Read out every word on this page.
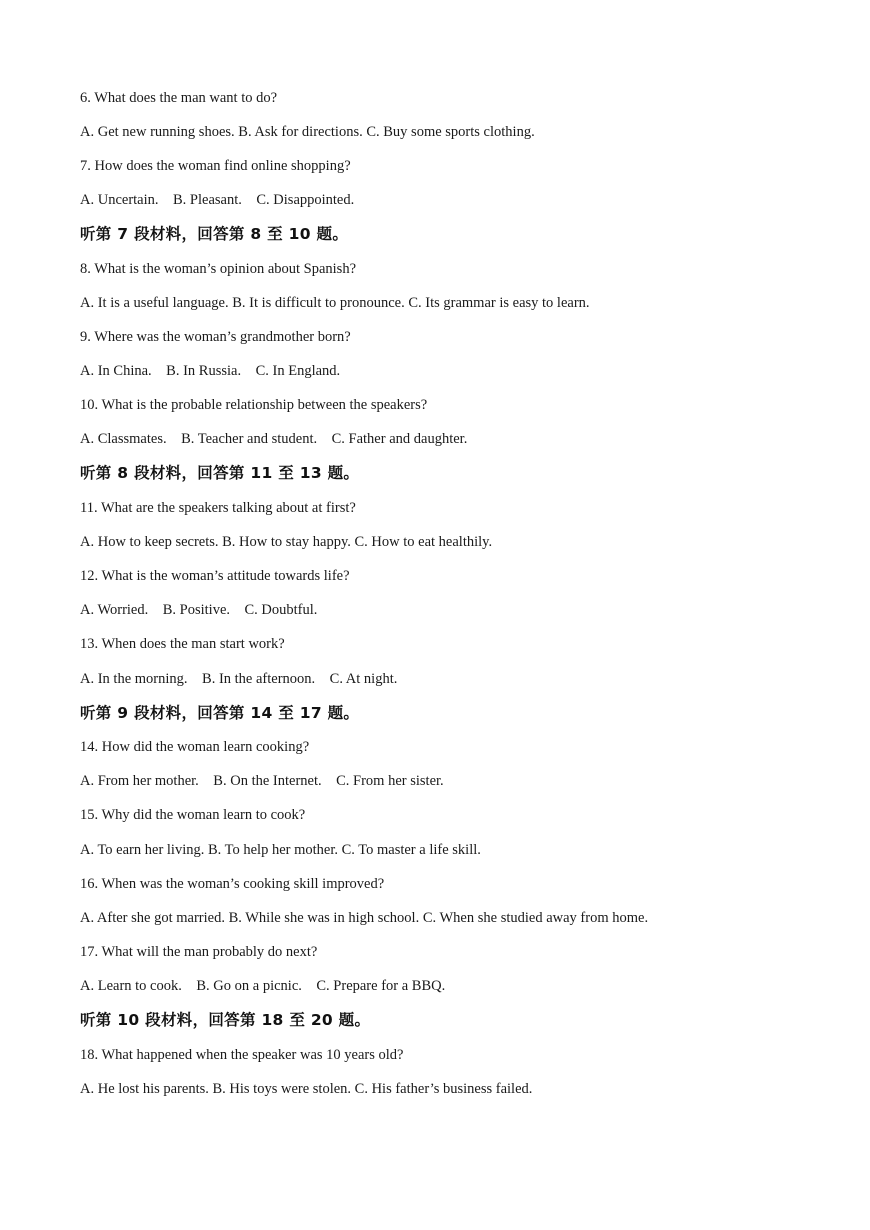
6. What does the man want to do?
A. Get new running shoes. B. Ask for directions. C. Buy some sports clothing.
7. How does the woman find online shopping?
A. Uncertain.    B. Pleasant.    C. Disappointed.
听第 7 段材料，回答第 8 至 10 题。
8. What is the woman’s opinion about Spanish?
A. It is a useful language. B. It is difficult to pronounce. C. Its grammar is easy to learn.
9. Where was the woman’s grandmother born?
A. In China.    B. In Russia.    C. In England.
10. What is the probable relationship between the speakers?
A. Classmates.    B. Teacher and student.    C. Father and daughter.
听第 8 段材料，回答第 11 至 13 题。
11. What are the speakers talking about at first?
A. How to keep secrets. B. How to stay happy. C. How to eat healthily.
12. What is the woman’s attitude towards life?
A. Worried.    B. Positive.    C. Doubtful.
13. When does the man start work?
A. In the morning.    B. In the afternoon.    C. At night.
听第 9 段材料，回答第 14 至 17 题。
14. How did the woman learn cooking?
A. From her mother.    B. On the Internet.    C. From her sister.
15. Why did the woman learn to cook?
A. To earn her living. B. To help her mother. C. To master a life skill.
16. When was the woman’s cooking skill improved?
A. After she got married. B. While she was in high school. C. When she studied away from home.
17. What will the man probably do next?
A. Learn to cook.    B. Go on a picnic.    C. Prepare for a BBQ.
听第 10 段材料，回答第 18 至 20 题。
18. What happened when the speaker was 10 years old?
A. He lost his parents. B. His toys were stolen. C. His father’s business failed.
